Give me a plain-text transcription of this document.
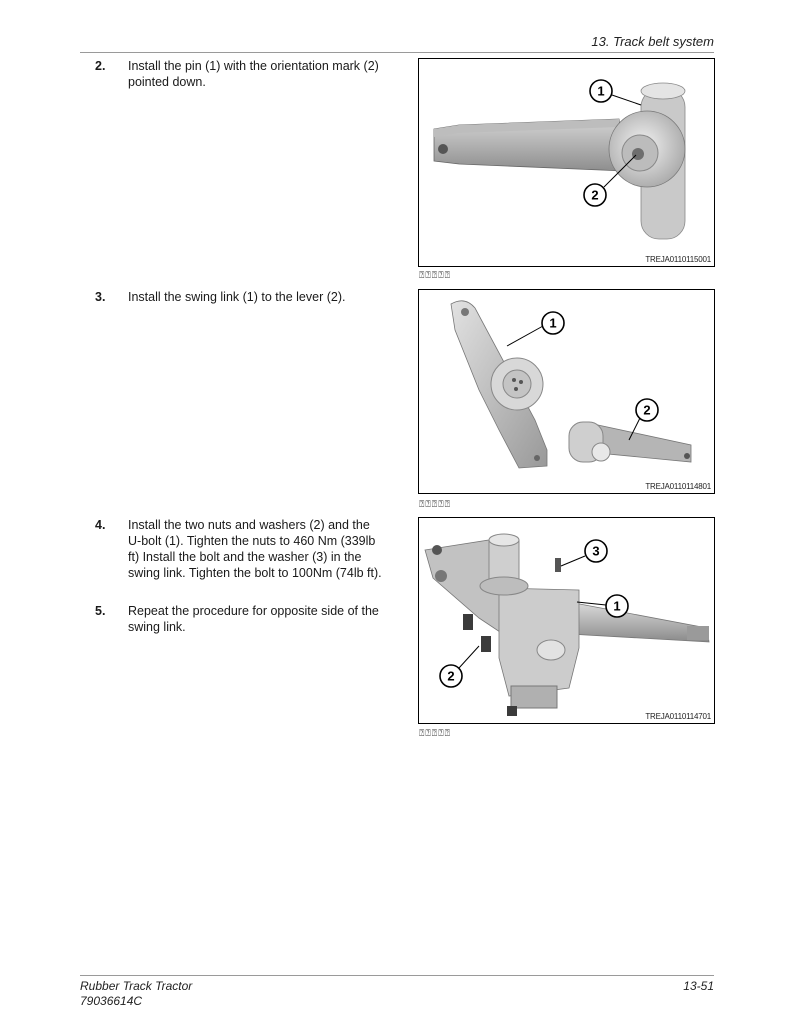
13. Track belt system
2. Install the pin (1) with the orientation mark (2) pointed down.
1
2
TREJA0110115001
⍰⍰⍰⍰⍰
3. Install the swing link (1) to the lever (2).
1
2
TREJA0110114801
⍰⍰⍰⍰⍰
4. Install the two nuts and washers (2) and the U-bolt (1). Tighten the nuts to 460 Nm (339lb ft) Install the bolt and the washer (3) in the swing link. Tighten the bolt to 100Nm (74lb ft).
5. Repeat the procedure for opposite side of the swing link.
3
1
2
TREJA0110114701
⍰⍰⍰⍰⍰
Rubber Track Tractor
79036614C
13-51
